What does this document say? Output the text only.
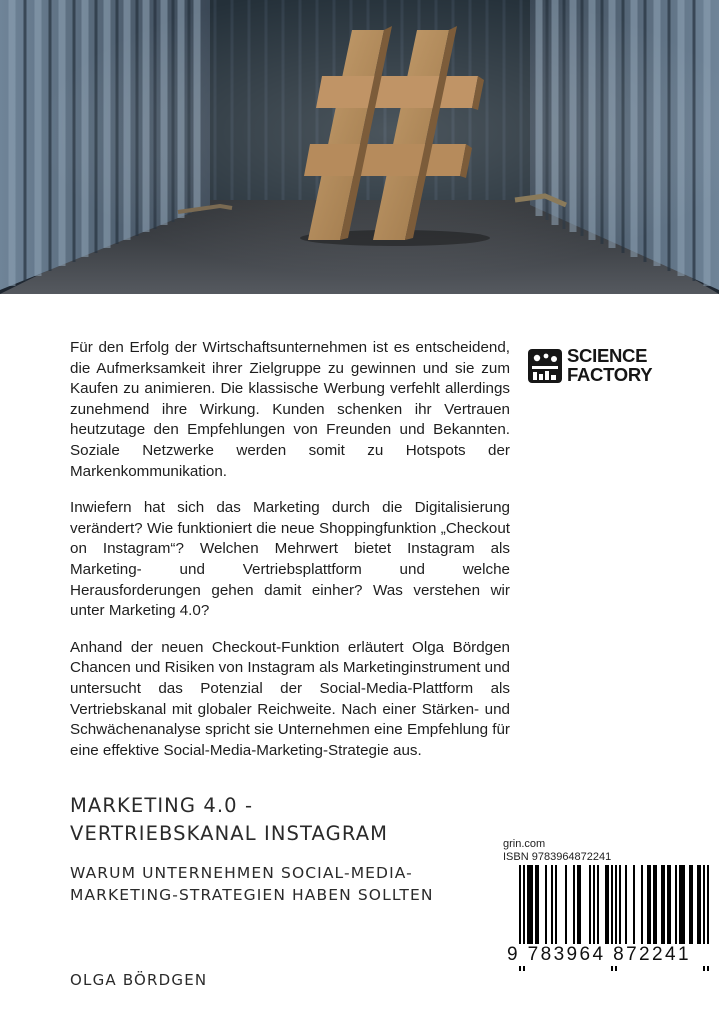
Für den Erfolg der Wirtschaftsunternehmen ist es entscheidend, die Aufmerksamkeit ihrer Zielgruppe zu gewinnen und sie zum Kaufen zu animieren. Die klassische Werbung verfehlt allerdings zunehmend ihre Wirkung. Kunden schenken ihr Vertrauen heutzutage den Empfehlungen von Freunden und Bekannten. Soziale Netzwerke werden somit zu Hotspots der Markenkommunikation.

Inwiefern hat sich das Marketing durch die Digitalisierung verändert? Wie funktioniert die neue Shoppingfunktion „Checkout on Instagram“? Welchen Mehrwert bietet Instagram als Marketing- und Vertriebsplattform und welche Herausforderungen gehen damit einher? Was verstehen wir unter Marketing 4.0?

Anhand der neuen Checkout-Funktion erläutert Olga Bördgen Chancen und Risiken von Instagram als Marketinginstrument und untersucht das Potenzial der Social-Media-Plattform als Vertriebskanal mit globaler Reichweite. Nach einer Stärken- und Schwächenanalyse spricht sie Unternehmen eine Empfehlung für eine effektive Social-Media-Marketing-Strategie aus.

SCIENCE
FACTORY
MARKETING 4.0 -
VERTRIEBSKANAL INSTAGRAM
WARUM UNTERNEHMEN SOCIAL-MEDIA-
MARKETING-STRATEGIEN HABEN SOLLTEN
OLGA BÖRDGEN
grin.com
ISBN 9783964872241
9 783964 872241
